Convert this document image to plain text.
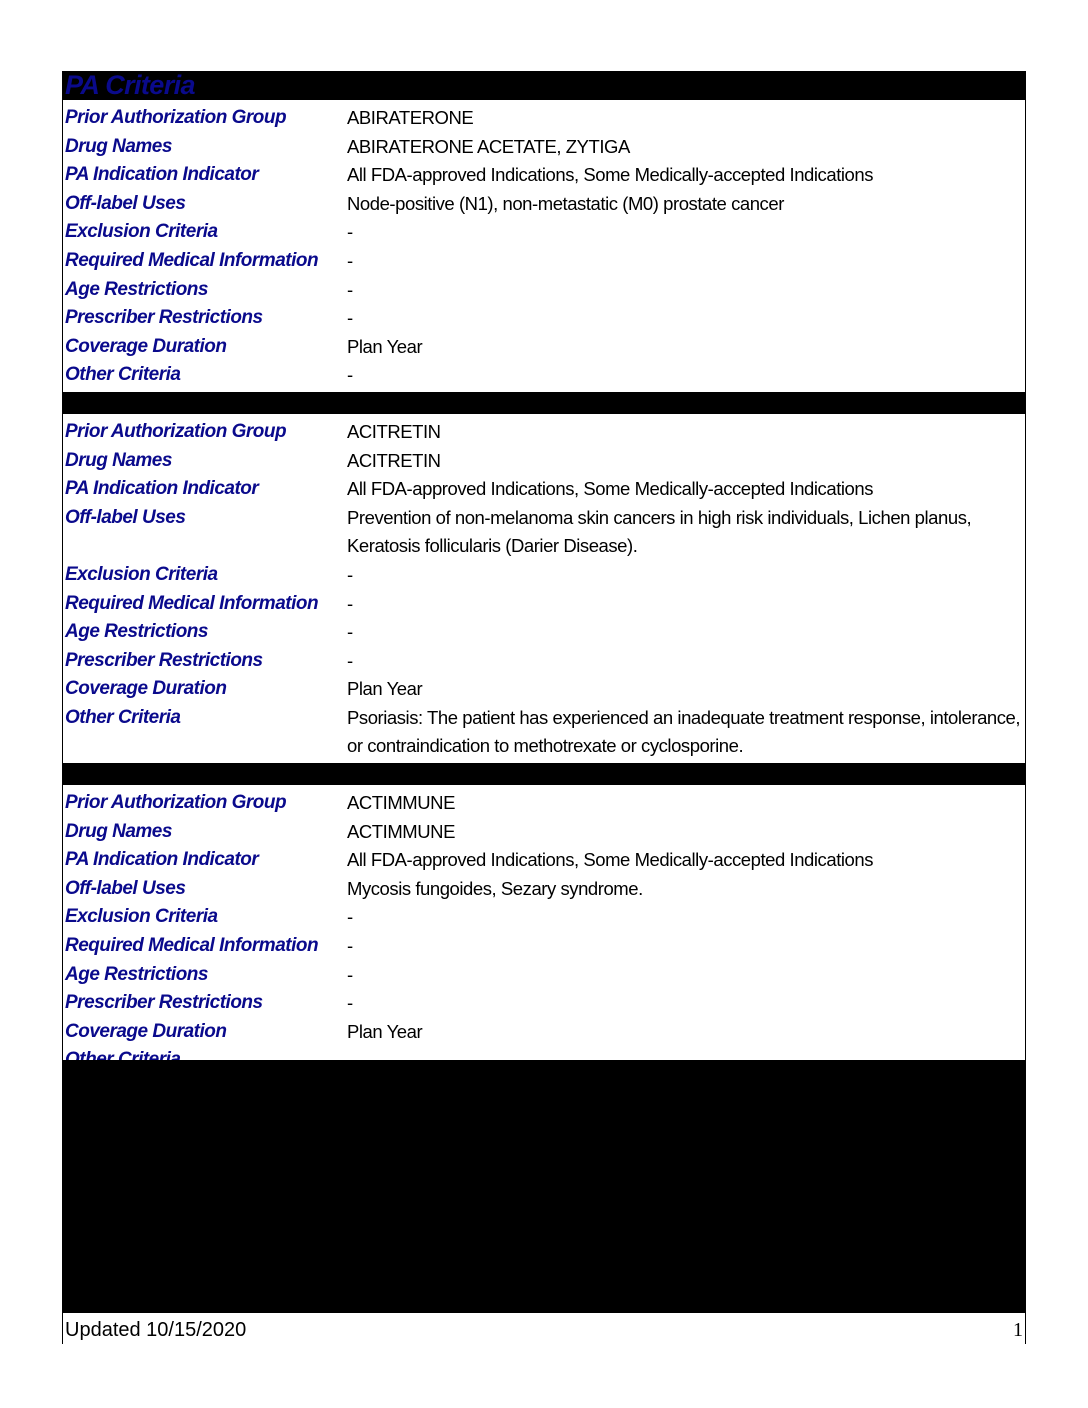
PA Criteria
Prior Authorization Group	ABIRATERONE
Drug Names	ABIRATERONE ACETATE, ZYTIGA
PA Indication Indicator	All FDA-approved Indications, Some Medically-accepted Indications
Off-label Uses	Node-positive (N1), non-metastatic (M0) prostate cancer
Exclusion Criteria	-
Required Medical Information	-
Age Restrictions	-
Prescriber Restrictions	-
Coverage Duration	Plan Year
Other Criteria	-
Prior Authorization Group	ACITRETIN
Drug Names	ACITRETIN
PA Indication Indicator	All FDA-approved Indications, Some Medically-accepted Indications
Off-label Uses	Prevention of non-melanoma skin cancers in high risk individuals, Lichen planus, Keratosis follicularis (Darier Disease).
Exclusion Criteria	-
Required Medical Information	-
Age Restrictions	-
Prescriber Restrictions	-
Coverage Duration	Plan Year
Other Criteria	Psoriasis: The patient has experienced an inadequate treatment response, intolerance, or contraindication to methotrexate or cyclosporine.
Prior Authorization Group	ACTIMMUNE
Drug Names	ACTIMMUNE
PA Indication Indicator	All FDA-approved Indications, Some Medically-accepted Indications
Off-label Uses	Mycosis fungoides, Sezary syndrome.
Exclusion Criteria	-
Required Medical Information	-
Age Restrictions	-
Prescriber Restrictions	-
Coverage Duration	Plan Year
Updated 10/15/2020	1
